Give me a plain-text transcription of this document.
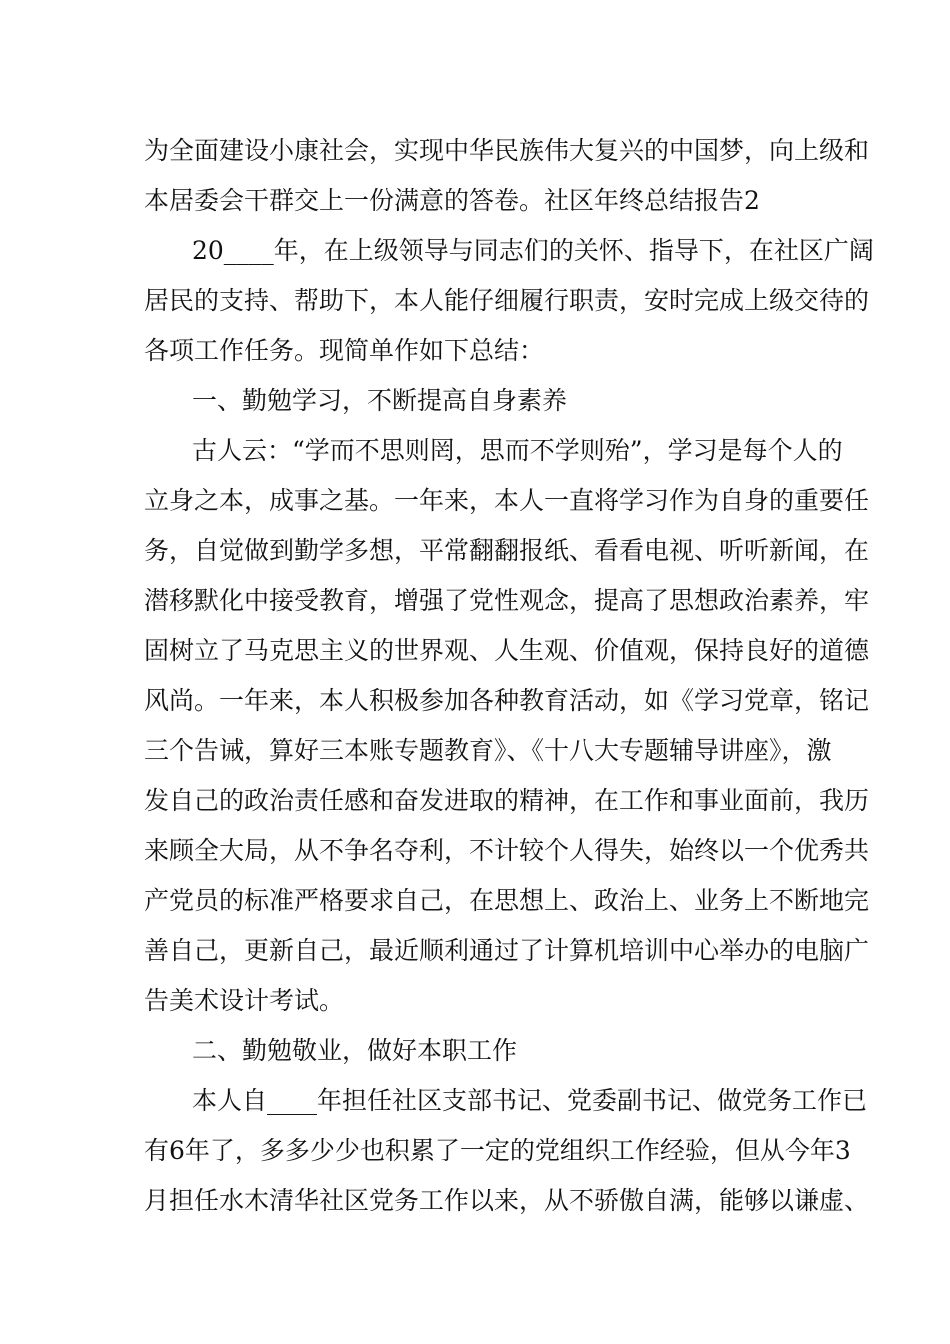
为全面建设小康社会，实现中华民族伟大复兴的中国梦，向上级和
本居委会干群交上一份满意的答卷。社区年终总结报告2
20____年，在上级领导与同志们的关怀、指导下，在社区广阔
居民的支持、帮助下，本人能仔细履行职责，安时完成上级交待的
各项工作任务。现简单作如下总结：
一、勤勉学习，不断提高自身素养
古人云：“学而不思则罔，思而不学则殆”，学习是每个人的
立身之本，成事之基。一年来，本人一直将学习作为自身的重要任
务，自觉做到勤学多想，平常翻翻报纸、看看电视、听听新闻，在
潜移默化中接受教育，增强了党性观念，提高了思想政治素养，牢
固树立了马克思主义的世界观、人生观、价值观，保持良好的道德
风尚。一年来，本人积极参加各种教育活动，如《学习党章，铭记
三个告诫，算好三本账专题教育》、《十八大专题辅导讲座》，激
发自己的政治责任感和奋发进取的精神，在工作和事业面前，我历
来顾全大局，从不争名夺利，不计较个人得失，始终以一个优秀共
产党员的标准严格要求自己，在思想上、政治上、业务上不断地完
善自己，更新自己，最近顺利通过了计算机培训中心举办的电脑广
告美术设计考试。
二、勤勉敬业，做好本职工作
本人自____年担任社区支部书记、党委副书记、做党务工作已
有6年了，多多少少也积累了一定的党组织工作经验，但从今年3
月担任水木清华社区党务工作以来，从不骄傲自满，能够以谦虚、
